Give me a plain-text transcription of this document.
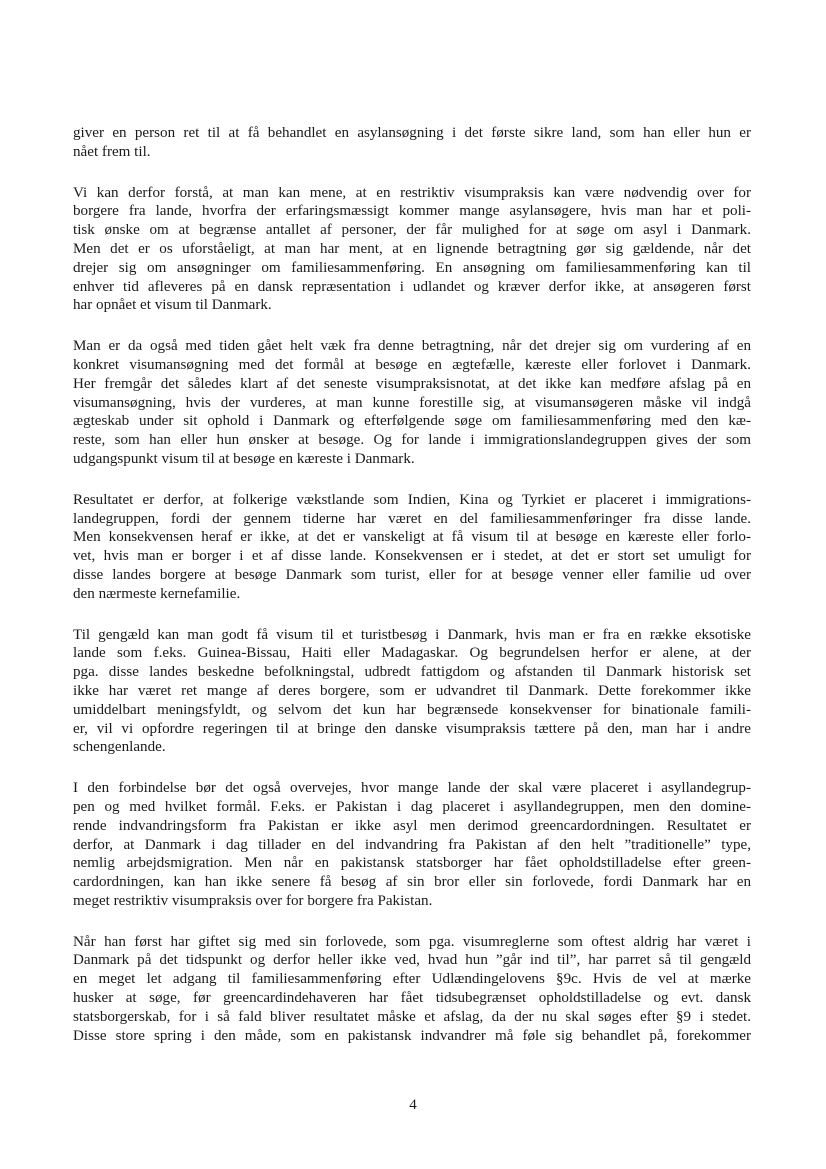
giver en person ret til at få behandlet en asylansøgning i det første sikre land, som han eller hun er
nået frem til.

Vi kan derfor forstå, at man kan mene, at en restriktiv visumpraksis kan være nødvendig over for
borgere fra lande, hvorfra der erfaringsmæssigt kommer mange asylansøgere, hvis man har et poli-
tisk ønske om at begrænse antallet af personer, der får mulighed for at søge om asyl i Danmark.
Men det er os uforståeligt, at man har ment, at en lignende betragtning gør sig gældende, når det
drejer sig om ansøgninger om familiesammenføring. En ansøgning om familiesammenføring kan til
enhver tid afleveres på en dansk repræsentation i udlandet og kræver derfor ikke, at ansøgeren først
har opnået et visum til Danmark.

Man er da også med tiden gået helt væk fra denne betragtning, når det drejer sig om vurdering af en
konkret visumansøgning med det formål at besøge en ægtefælle, kæreste eller forlovet i Danmark.
Her fremgår det således klart af det seneste visumpraksisnotat, at det ikke kan medføre afslag på en
visumansøgning, hvis der vurderes, at man kunne forestille sig, at visumansøgeren måske vil indgå
ægteskab under sit ophold i Danmark og efterfølgende søge om familiesammenføring med den kæ-
reste, som han eller hun ønsker at besøge. Og for lande i immigrationslandegruppen gives der som
udgangspunkt visum til at besøge en kæreste i Danmark.

Resultatet er derfor, at folkerige vækstlande som Indien, Kina og Tyrkiet er placeret i immigrations-
landegruppen, fordi der gennem tiderne har været en del familiesammenføringer fra disse lande.
Men konsekvensen heraf er ikke, at det er vanskeligt at få visum til at besøge en kæreste eller forlo-
vet, hvis man er borger i et af disse lande. Konsekvensen er i stedet, at det er stort set umuligt for
disse landes borgere at besøge Danmark som turist, eller for at besøge venner eller familie ud over
den nærmeste kernefamilie.

Til gengæld kan man godt få visum til et turistbesøg i Danmark, hvis man er fra en række eksotiske
lande som f.eks. Guinea-Bissau, Haiti eller Madagaskar. Og begrundelsen herfor er alene, at der
pga. disse landes beskedne befolkningstal, udbredt fattigdom og afstanden til Danmark historisk set
ikke har været ret mange af deres borgere, som er udvandret til Danmark. Dette forekommer ikke
umiddelbart meningsfyldt, og selvom det kun har begrænsede konsekvenser for binationale famili-
er, vil vi opfordre regeringen til at bringe den danske visumpraksis tættere på den, man har i andre
schengenlande.

I den forbindelse bør det også overvejes, hvor mange lande der skal være placeret i asyllandegrup-
pen og med hvilket formål. F.eks. er Pakistan i dag placeret i asyllandegruppen, men den domine-
rende indvandringsform fra Pakistan er ikke asyl men derimod greencardordningen. Resultatet er
derfor, at Danmark i dag tillader en del indvandring fra Pakistan af den helt ”traditionelle” type,
nemlig arbejdsmigration. Men når en pakistansk statsborger har fået opholdstilladelse efter green-
cardordningen, kan han ikke senere få besøg af sin bror eller sin forlovede, fordi Danmark har en
meget restriktiv visumpraksis over for borgere fra Pakistan.

Når han først har giftet sig med sin forlovede, som pga. visumreglerne som oftest aldrig har været i
Danmark på det tidspunkt og derfor heller ikke ved, hvad hun ”går ind til”, har parret så til gengæld
en meget let adgang til familiesammenføring efter Udlændingelovens §9c. Hvis de vel at mærke
husker at søge, før greencardindehaveren har fået tidsubegrænset opholdstilladelse og evt. dansk
statsborgerskab, for i så fald bliver resultatet måske et afslag, da der nu skal søges efter §9 i stedet.
Disse store spring i den måde, som en pakistansk indvandrer må føle sig behandlet på, forekommer

4
